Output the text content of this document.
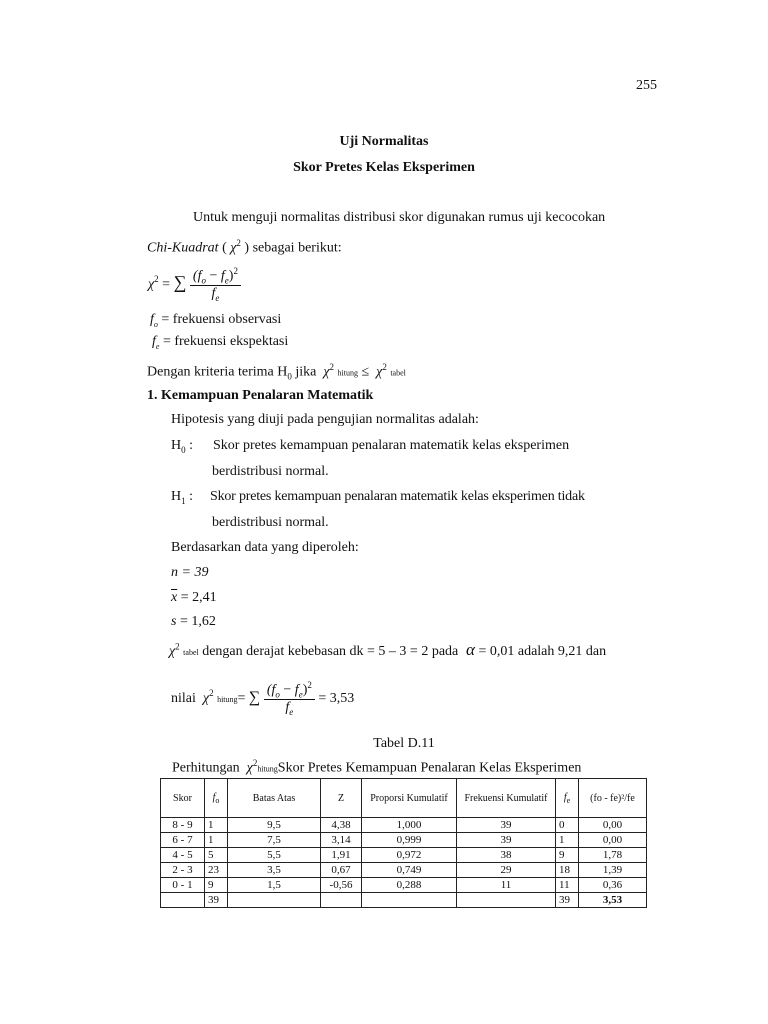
255
Uji Normalitas
Skor Pretes Kelas Eksperimen
Untuk menguji normalitas distribusi skor digunakan rumus uji kecocokan
Chi-Kuadrat ( $\chi^2$ ) sebagai berikut:
$\chi^2$ = ∑ $\frac{(f_o - f_e)^2}{f_e}$
$f_o$ = frekuensi observasi
$f_e$ = frekuensi ekspektasi
Dengan kriteria terima $H_0$ jika  $\chi^2$ hitung ≤  $\chi^2$ tabel
1. Kemampuan Penalaran Matematik
Hipotesis yang diuji pada pengujian normalitas adalah:
$H_0$ : Skor pretes kemampuan penalaran matematik kelas eksperimen
berdistribusi normal.
$H_1$ : Skor pretes kemampuan penalaran matematik kelas eksperimen tidak
berdistribusi normal.
Berdasarkan data yang diperoleh:
n = 39
$\overline{x} = 2,41$
s = 1,62
$\chi^2$ tabel dengan derajat kebebasan dk = 5 – 3 = 2 pada  α = 0,01 adalah 9,21 dan
nilai $\chi^2$ hitung= ∑ $\frac{(f_o - f_e)^2}{f_e} = 3,53$
Tabel D.11
Perhitungan $\chi^2hitungSkor$ Pretes Kemampuan Penalaran Kelas Eksperimen
Skor	$f_o$	Batas Atas	Z	Proporsi Kumulatif	Frekuensi Kumulatif	$f_e$	(fo - fe)²/fe
8 - 9	1	9,5	4,38	1,000	39	0	0,00
6 - 7	1	7,5	3,14	0,999	39	1	0,00
4 - 5	5	5,5	1,91	0,972	38	9	1,78
2 - 3	23	3,5	0,67	0,749	29	18	1,39
0 - 1	9	1,5	-0,56	0,288	11	11	0,36
	39					39	3,53
